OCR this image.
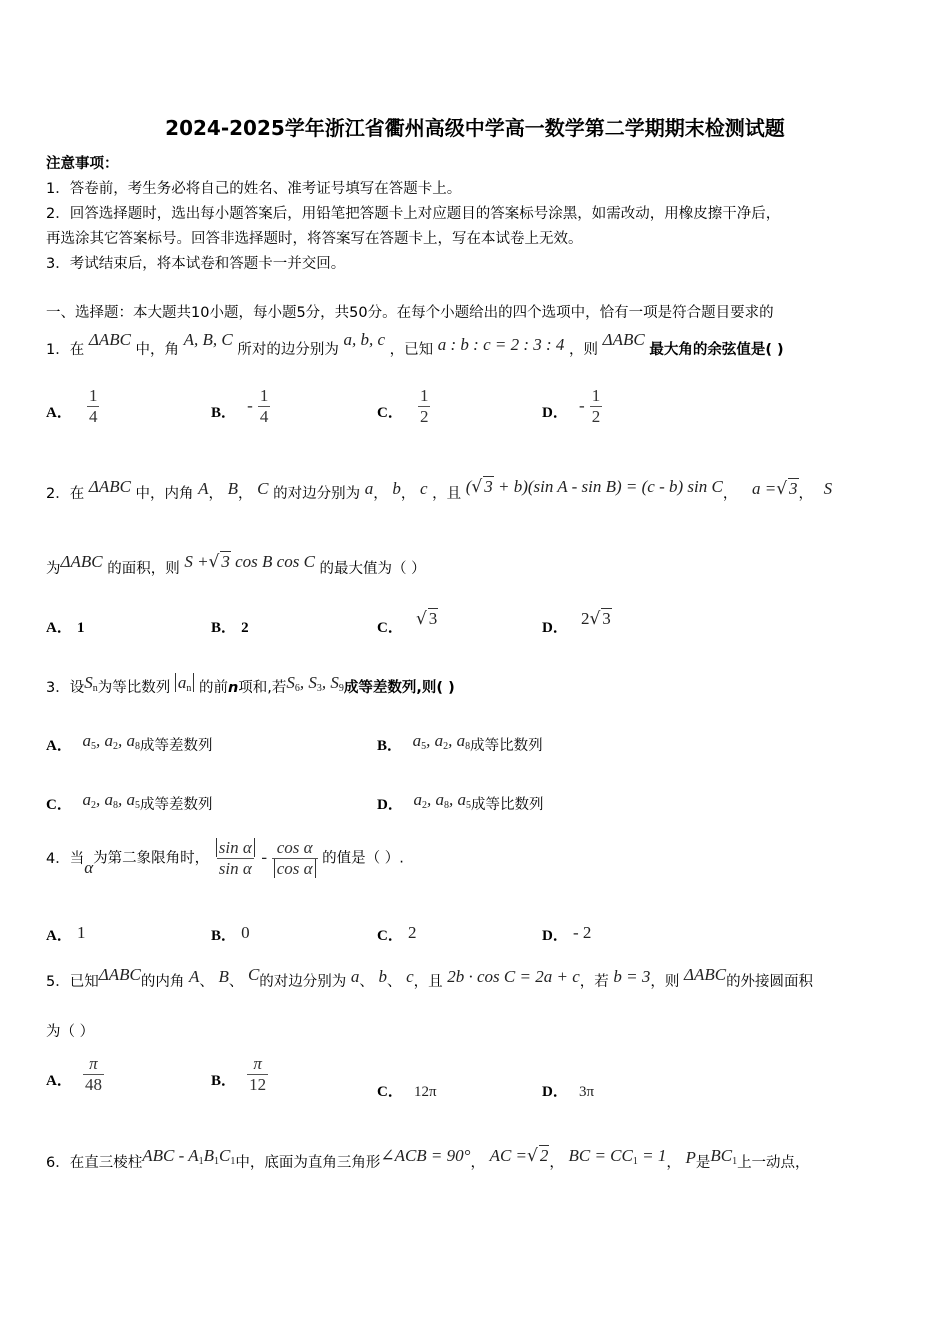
2024-2025学年浙江省衢州高级中学高一数学第二学期期末检测试题
注意事项：
1．答卷前，考生务必将自己的姓名、准考证号填写在答题卡上。
2．回答选择题时，选出每小题答案后，用铅笔把答题卡上对应题目的答案标号涂黑，如需改动，用橡皮擦干净后，
再选涂其它答案标号。回答非选择题时，将答案写在答题卡上，写在本试卷上无效。
3．考试结束后，将本试卷和答题卡一并交回。
一、选择题：本大题共10小题，每小题5分，共50分。在每个小题给出的四个选项中，恰有一项是符合题目要求的
1．在 ΔABC 中，角 A, B, C 所对的边分别为 a, b, c ，已知 a : b : c = 2 : 3 : 4 ，则 ΔABC 最大角的余弦值是( )
A． $\frac{1}{4}$	B． - $\frac{1}{4}$	C． $\frac{1}{2}$	D． - $\frac{1}{2}$
2．在 ΔABC 中，内角 A， B， C 的对边分别为 a， b， c ，且 (√ 3 + b)(sin A - sin B) = (c - b) sin C， a =√ 3， S
为ΔABC 的面积，则 S +√ 3 cos B cos C 的最大值为（ ）
A． 1	B． 2	C． √ 3	D． 2√ 3
3．设$S_n$为等比数列 $a_n$ 的前n项和,若$S_6$, $S_3$, $S_9$成等差数列,则( )
A． $a_5$, $a_2$, $a_8$成等差数列	B． $a_5$, $a_2$, $a_8$成等比数列
C． $a_2$, $a_8$, $a_5$成等差数列	D． $a_2$, $a_8$, $a_5$成等比数列
4．当α为第二象限角时， $\frac{\text{sin α}}{\text{sin α}} - \frac{\text{cos α}}{\text{cos α}}$ 的值是（ ）.
A． 1	B． 0	C． 2	D． - 2
5．已知ΔABC的内角 A、 B、 C的对边分别为 a、 b、 c，且 2b · cos C = 2a + c，若 b = 3，则 ΔABC的外接圆面积
为（ ）
A． $\frac{\pi}{48}$	B． $\frac{\pi}{12}$	C． 12π	D． 3π
6．在直三棱柱ABC - $A_1B_1C_1$中，底面为直角三角形∠ACB = 90°， AC =√ 2， BC = $CC_1 = 1$， P是$BC_1$上一动点，
